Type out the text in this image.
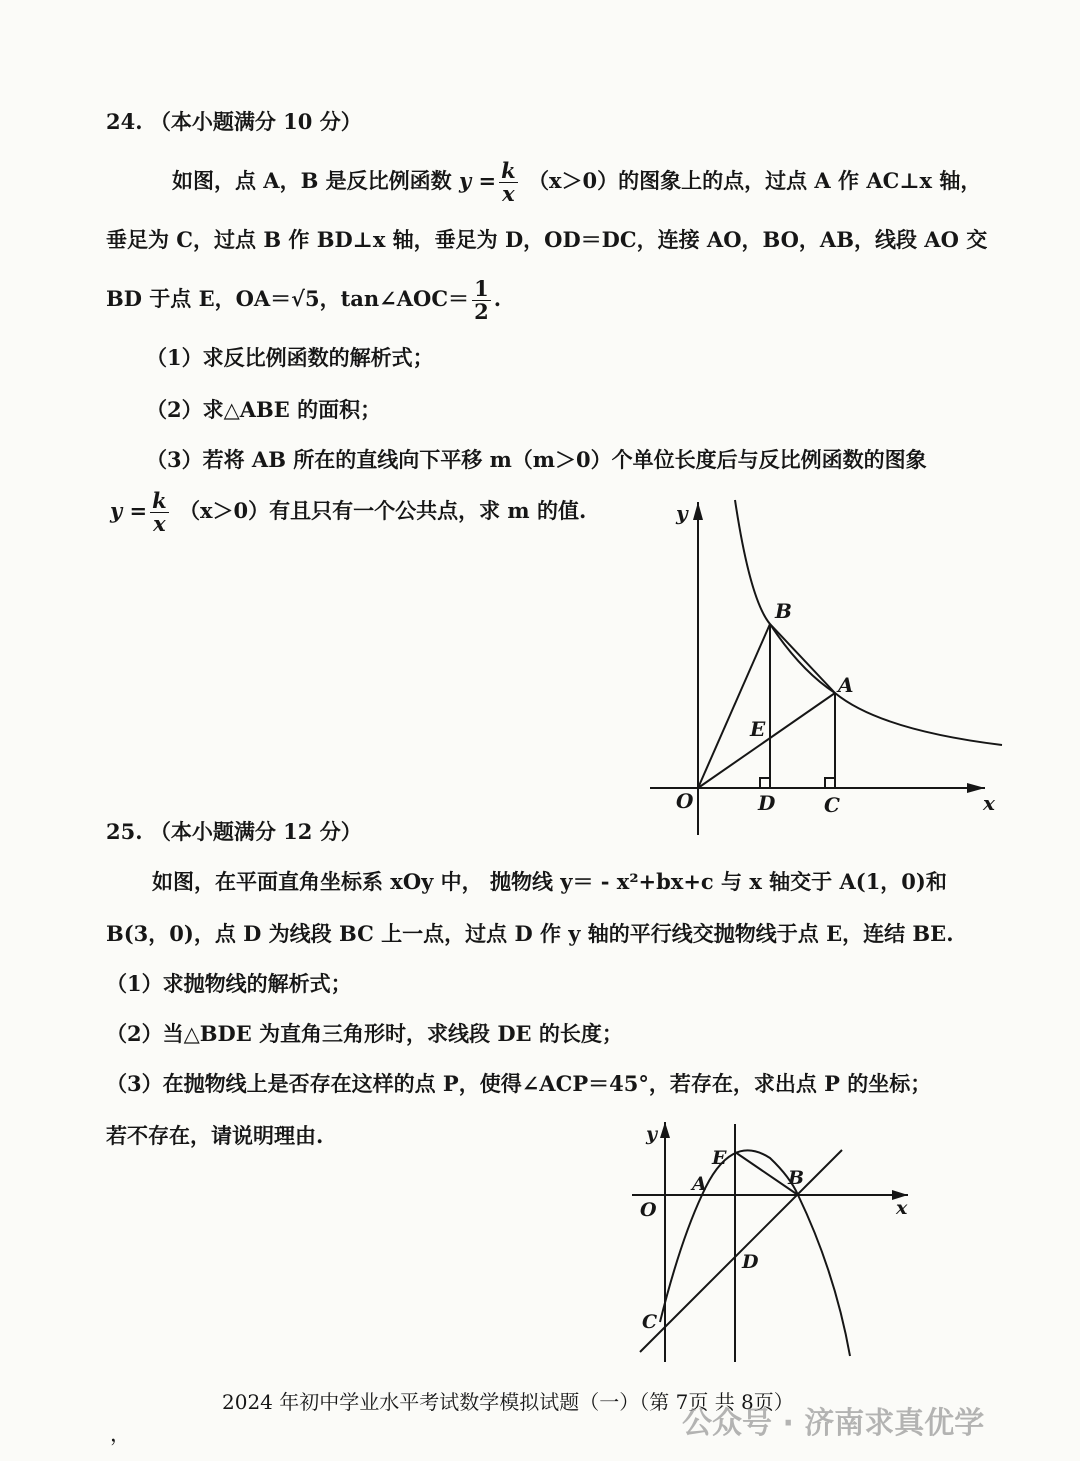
24. （本小题满分 10 分）
如图，点 A，B 是反比例函数 $y = \frac{k}{x} (x>0)$的图象上的点，过点 A 作 AC⊥x 轴，
垂足为 C，过点 B 作 BD⊥x 轴，垂足为 D，OD＝DC，连接 AO，BO，AB，线段 AO 交
BD 于点 E，OA＝√5，tan∠AOC＝ $\frac{1}{2}$ .
（1）求反比例函数的解析式；
（2）求△ABE 的面积；
（3）若将 AB 所在的直线向下平移 m（m＞0）个单位长度后与反比例函数的图象
$y = \frac{k}{x} (x>0)$有且只有一个公共点，求 m 的值.	y
x
O
B
A
E
D C
25. （本小题满分 12 分）
如图，在平面直角坐标系 xOy 中， 抛物线 y＝ - x²+bx+c 与 x 轴交于 A(1，0)和
B(3，0)，点 D 为线段 BC 上一点，过点 D 作 y 轴的平行线交抛物线于点 E，连结 BE.
（1）求抛物线的解析式；
（2）当△BDE 为直角三角形时，求线段 DE 的长度；
（3）在抛物线上是否存在这样的点 P，使得∠ACP＝45°，若存在，求出点 P 的坐标；
若不存在，请说明理由.	y
x
O
E
A	B
D
C
2024 年初中学业水平考试数学模拟试题（一）（第 7页 共 8页）
，	公众号 · 济南求真优学
